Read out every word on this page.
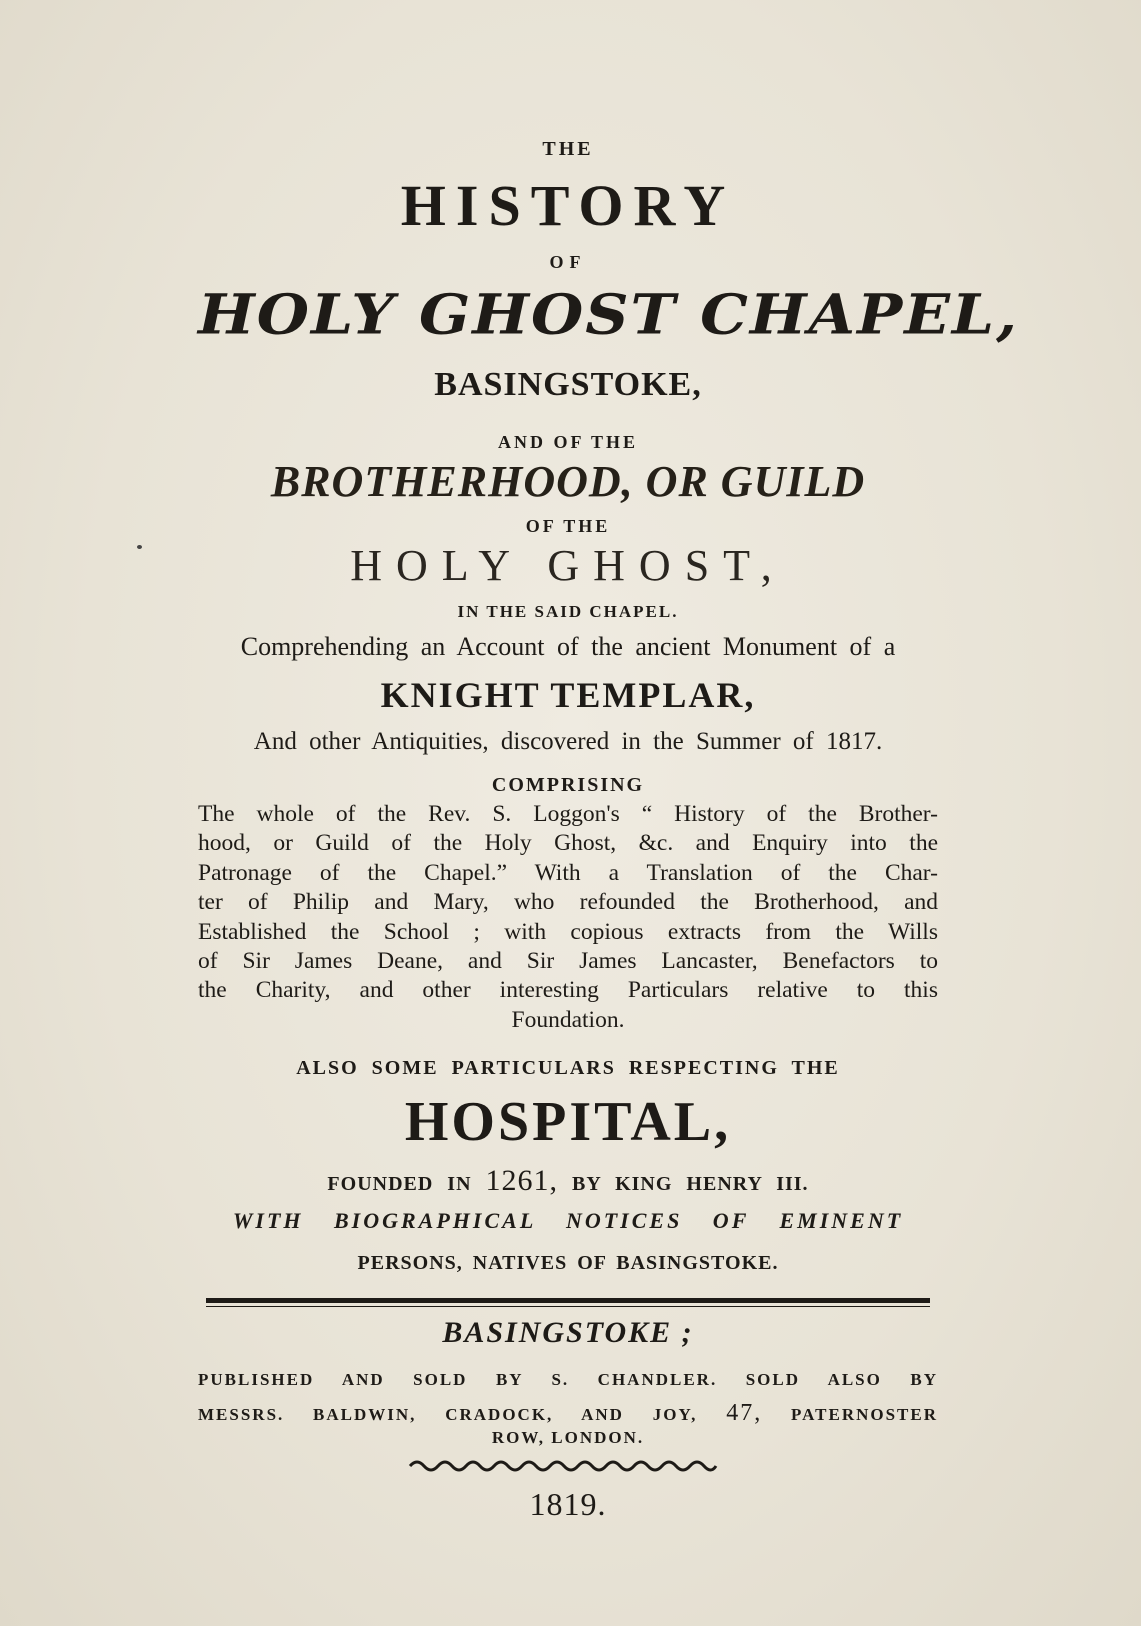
THE
HISTORY
OF
HOLY GHOST CHAPEL,
BASINGSTOKE,
AND OF THE
BROTHERHOOD, OR GUILD
OF THE
HOLY GHOST,
IN THE SAID CHAPEL.
Comprehending an Account of the ancient Monument of a
KNIGHT TEMPLAR,
And other Antiquities, discovered in the Summer of 1817.
COMPRISING
The whole of the Rev. S. Loggon's “ History of the Brother-
hood, or Guild of the Holy Ghost, &c. and Enquiry into the
Patronage of the Chapel.” With a Translation of the Char-
ter of Philip and Mary, who refounded the Brotherhood, and
Established the School ; with copious extracts from the Wills
of Sir James Deane, and Sir James Lancaster, Benefactors to
the Charity, and other interesting Particulars relative to this
Foundation.
ALSO SOME PARTICULARS RESPECTING THE
HOSPITAL,
FOUNDED IN 1261, BY KING HENRY III.
WITH BIOGRAPHICAL NOTICES OF EMINENT
PERSONS, NATIVES OF BASINGSTOKE.
BASINGSTOKE ;
PUBLISHED AND SOLD BY S. CHANDLER. SOLD ALSO BY
MESSRS. BALDWIN, CRADOCK, AND JOY, 47, PATERNOSTER
ROW, LONDON.
1819.
